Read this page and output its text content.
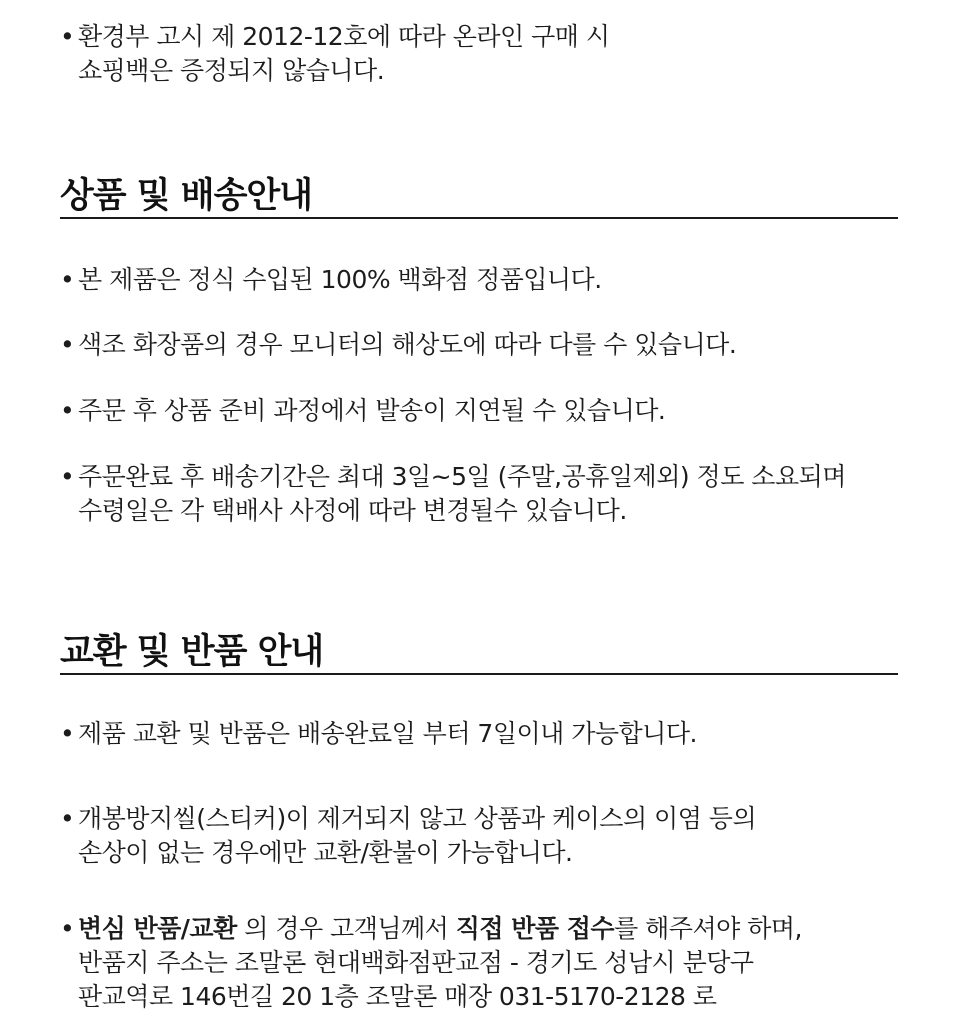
• 환경부 고시 제 2012-12호에 따라 온라인 구매 시
쇼핑백은 증정되지 않습니다.
상품 및 배송안내
• 본 제품은 정식 수입된 100% 백화점 정품입니다.
• 색조 화장품의 경우 모니터의 해상도에 따라 다를 수 있습니다.
• 주문 후 상품 준비 과정에서 발송이 지연될 수 있습니다.
• 주문완료 후 배송기간은 최대 3일~5일 (주말,공휴일제외) 정도 소요되며
수령일은 각 택배사 사정에 따라 변경될수 있습니다.
교환 및 반품 안내
• 제품 교환 및 반품은 배송완료일 부터 7일이내 가능합니다.
• 개봉방지씰(스티커)이 제거되지 않고 상품과 케이스의 이염 등의
손상이 없는 경우에만 교환/환불이 가능합니다.
• 변심 반품/교환 의 경우 고객님께서 직접 반품 접수를 해주셔야 하며,
반품지 주소는 조말론 현대백화점판교점 - 경기도 성남시 분당구
판교역로 146번길 20 1층 조말론 매장 031-5170-2128 로
